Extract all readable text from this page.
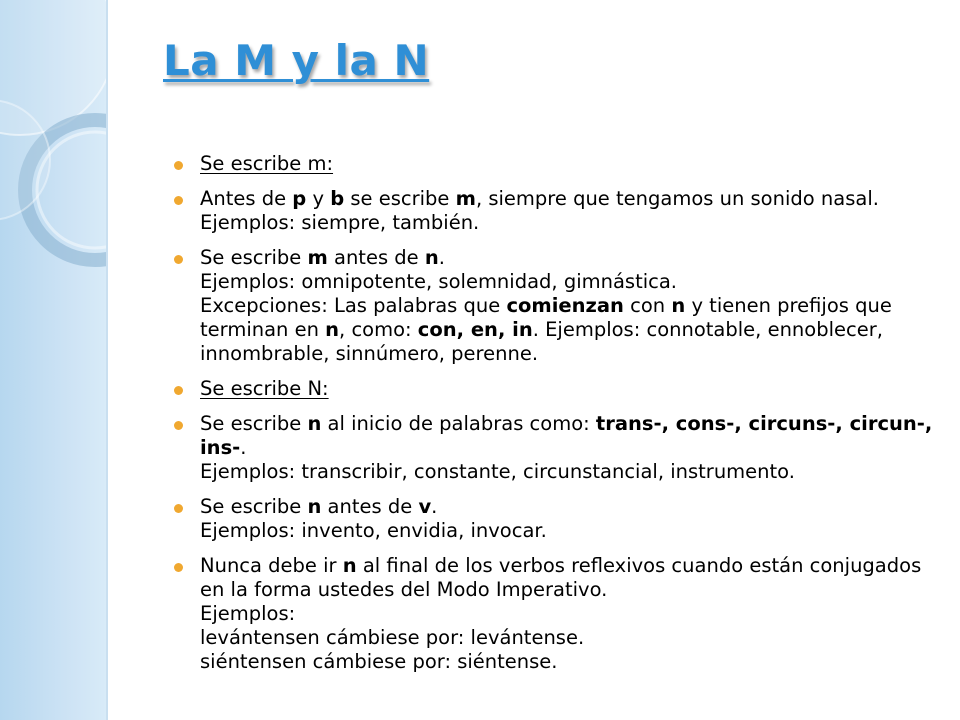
La M y la N
Se escribe m:
Antes de p y b se escribe m, siempre que tengamos un sonido nasal.
Ejemplos: siempre, también.
Se escribe m antes de n.
Ejemplos: omnipotente, solemnidad, gimnástica.
Excepciones: Las palabras que comienzan con n y tienen prefijos que terminan en n, como: con, en, in. Ejemplos: connotable, ennoblecer, innombrable, sinnúmero, perenne.
Se escribe N:
Se escribe n al inicio de palabras como: trans-, cons-, circuns-, circun-, ins-.
Ejemplos: transcribir, constante, circunstancial, instrumento.
Se escribe n antes de v.
Ejemplos: invento, envidia, invocar.
Nunca debe ir n al final de los verbos reflexivos cuando están conjugados en la forma ustedes del Modo Imperativo.
Ejemplos:
levántensen cámbiese por: levántense.
siéntensen cámbiese por: siéntense.
